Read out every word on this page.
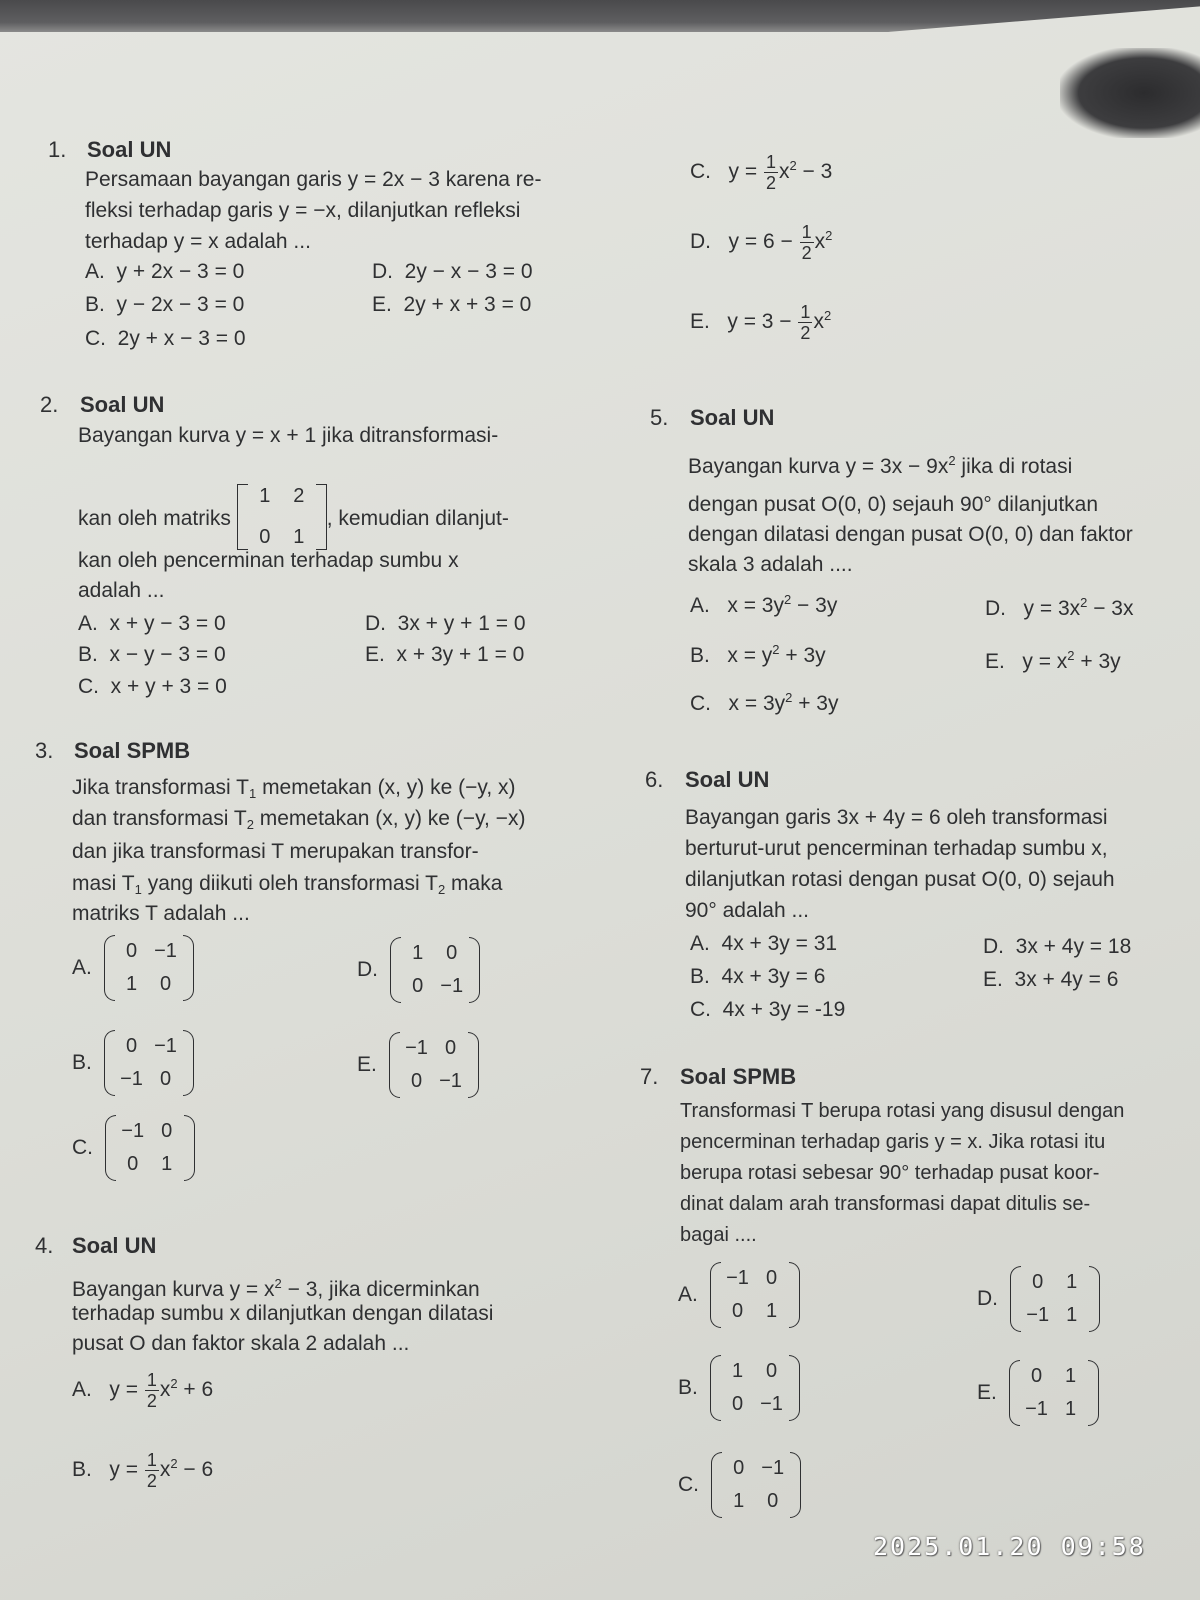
1. Soal UN
Persamaan bayangan garis y = 2x − 3 karena re-
fleksi terhadap garis y = −x, dilanjutkan refleksi
terhadap y = x adalah ...
A. y + 2x − 3 = 0
B. y − 2x − 3 = 0
C. 2y + x − 3 = 0
D. 2y − x − 3 = 0
E. 2y + x + 3 = 0
C. $y = \frac{1}{2} x^2 - 3$
D. $y = 6 - \frac{1}{2} x^2$
E. $y = 3 - \frac{1}{2} x^2$
2. Soal UN
Bayangan kurva y = x + 1 jika ditransformasi-
kan oleh matriks

1	2
0	1
, kemudian dilanjut-
kan oleh pencerminan terhadap sumbu x
adalah ...
A. x + y − 3 = 0
B. x − y − 3 = 0
C. x + y + 3 = 0
D. 3x + y + 1 = 0
E. x + 3y + 1 = 0
5. Soal UN
Bayangan kurva $y = 3x - 9x^2$ jika di rotasi
dengan pusat O(0, 0) sejauh 90° dilanjutkan
dengan dilatasi dengan pusat O(0, 0) dan faktor
skala 3 adalah ....
A. $x = 3y^2 - 3y$
B. $x = y^2 + 3y$
C. $x = 3y^2 + 3y$
D. $y = 3x^2 - 3x$
E. $y = x^2 + 3y$
3. Soal SPMB
Jika transformasi $T_1$ memetakan (x, y) ke (−y, x)
dan transformasi $T_2$ memetakan (x, y) ke (−y, −x)
dan jika transformasi T merupakan transfor-
masi $T_1$ yang diikuti oleh transformasi $T_2$ maka
matriks T adalah ...
A.

0 −1
1	0
B.

0 −1
−1 0
C.

−1 0
0	1
D.

1	0
0 −1
E.

−1 0
0 −1
6. Soal UN
Bayangan garis 3x + 4y = 6 oleh transformasi
berturut-urut pencerminan terhadap sumbu x,
dilanjutkan rotasi dengan pusat O(0, 0) sejauh
90° adalah ...
A. 4x + 3y = 31
B. 4x + 3y = 6
C. 4x + 3y = -19
D. 3x + 4y = 18
E. 3x + 4y = 6
7. Soal SPMB
Transformasi T berupa rotasi yang disusul dengan
pencerminan terhadap garis y = x. Jika rotasi itu
berupa rotasi sebesar 90° terhadap pusat koor-
dinat dalam arah transformasi dapat ditulis se-
bagai ....
A.

−1 0
0	1
B.

1	0
0 −1
C.

0 −1
1	0
D.

0	1
−1 1
E.

0	1
−1 1
4. Soal UN
Bayangan kurva $y = x^2 - 3$, jika dicerminkan
terhadap sumbu x dilanjutkan dengan dilatasi
pusat O dan faktor skala 2 adalah ...
A. $y = \frac{1}{2} x^2 + 6$
B. $y = \frac{1}{2} x^2 - 6$
2025.01.20 09:58
